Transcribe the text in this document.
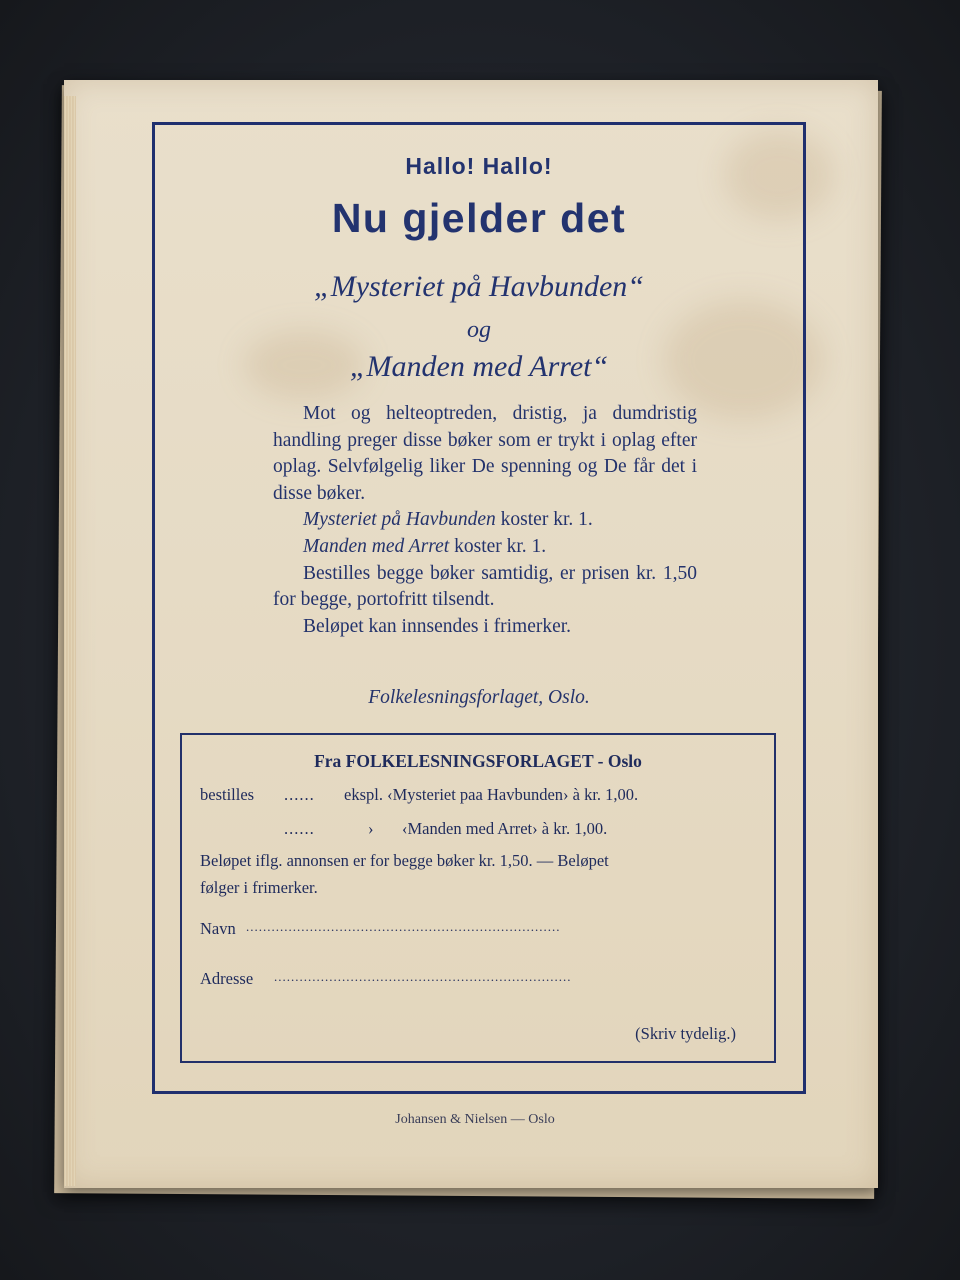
Hallo! Hallo!
Nu gjelder det
„Mysteriet på Havbunden“
og
„Manden med Arret“

Mot og helteoptreden, dristig, ja dumdristig handling preger disse bøker som er trykt i oplag efter oplag. Selvfølgelig liker De spenning og De får det i disse bøker.

Mysteriet på Havbunden koster kr. 1.

Manden med Arret koster kr. 1.

Bestilles begge bøker samtidig, er prisen kr. 1,50 for begge, portofritt tilsendt.

Beløpet kan innsendes i frimerker.

Folkelesningsforlaget, Oslo.
Fra FOLKELESNINGSFORLAGET - Oslo
bestilles ...... ekspl. ‹Mysteriet paa Havbunden› à kr. 1,00.
......	› ‹Manden med Arret› à kr. 1,00.
Beløpet iflg. annonsen er for begge bøker kr. 1,50. — Beløpet
følger i frimerker.
Navn ..........................................................................
Adresse ......................................................................
(Skriv tydelig.)
Johansen & Nielsen — Oslo
